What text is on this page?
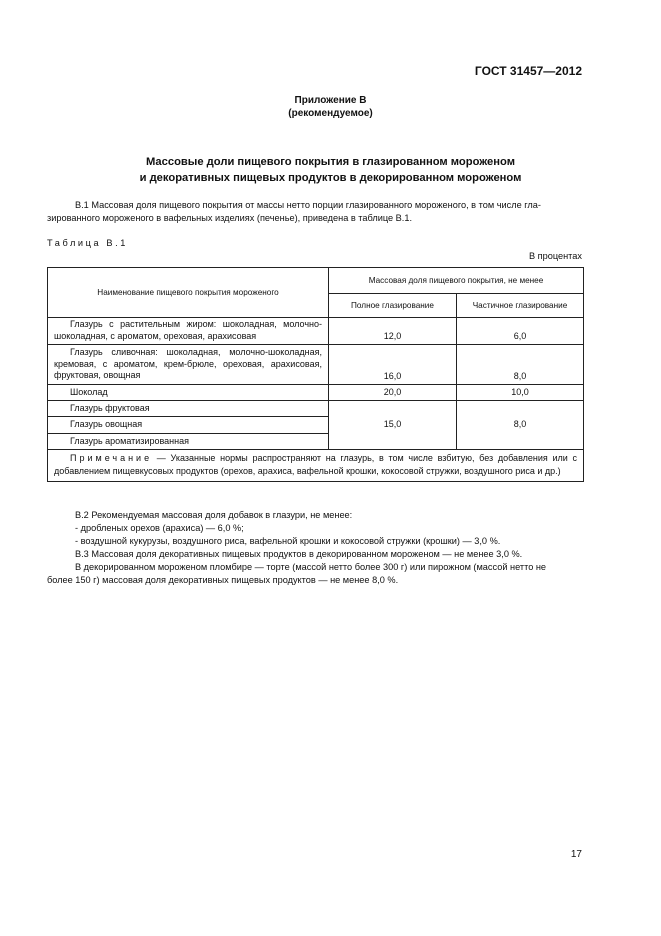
ГОСТ 31457—2012
Приложение В
(рекомендуемое)
Массовые доли пищевого покрытия в глазированном мороженом
и декоративных пищевых продуктов в декорированном мороженом
В.1 Массовая доля пищевого покрытия от массы нетто порции глазированного мороженого, в том числе гла-
зированного мороженого в вафельных изделиях (печенье), приведена в таблице В.1.
Таблица В.1
В процентах
Наименование пищевого покрытия мороженого	Массовая доля пищевого покрытия, не менее	
	Полное глазирование	Частичное глазирование
Глазурь с растительным жиром: шоколадная, молочно-шоколадная, с ароматом, ореховая, арахисовая	12,0	6,0
Глазурь сливочная: шоколадная, молочно-шоколадная, кремовая, с ароматом, крем-брюле, ореховая, арахисовая, фруктовая, овощная	16,0	8,0
Шоколад	20,0	10,0
Глазурь фруктовая	15,0	8,0
Глазурь овощная		
Глазурь ароматизированная		
Примечание — Указанные нормы распространяют на глазурь, в том числе взбитую, без добавления или с добавлением пищевкусовых продуктов (орехов, арахиса, вафельной крошки, кокосовой стружки, воздушного риса и др.)		
В.2 Рекомендуемая массовая доля добавок в глазури, не менее:
- дробленых орехов (арахиса) — 6,0 %;
- воздушной кукурузы, воздушного риса, вафельной крошки и кокосовой стружки (крошки) — 3,0 %.
В.3 Массовая доля декоративных пищевых продуктов в декорированном мороженом — не менее 3,0 %.
В декорированном мороженом пломбире — торте (массой нетто более 300 г) или пирожном (массой нетто не
более 150 г) массовая доля декоративных пищевых продуктов — не менее 8,0 %.
17
